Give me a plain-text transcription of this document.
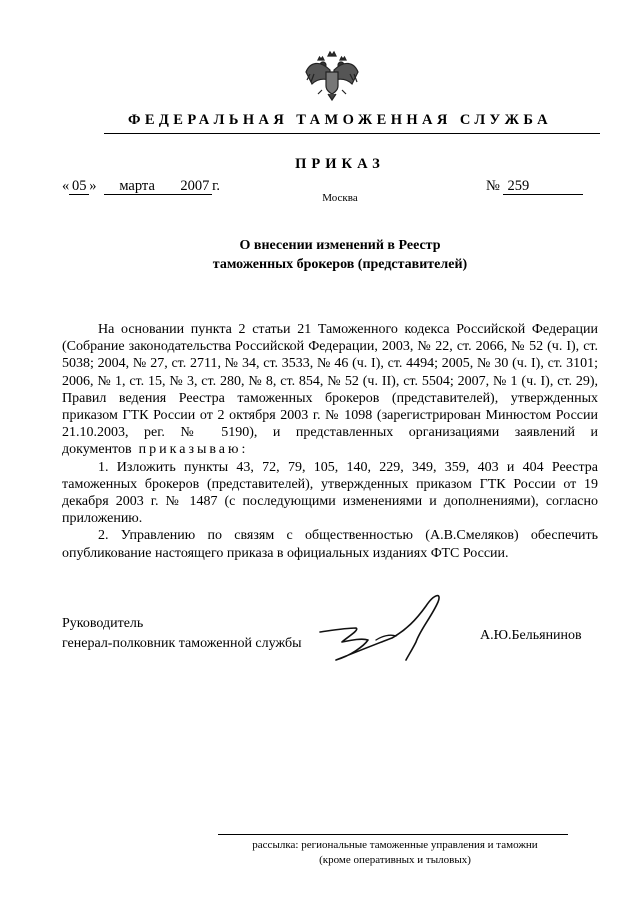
ФЕДЕРАЛЬНАЯ ТАМОЖЕННАЯ СЛУЖБА
ПРИКАЗ
« 05 » марта 2007 г.	№ 259
Москва
О внесении изменений в Реестр
таможенных брокеров (представителей)

На основании пункта 2 статьи 21 Таможенного кодекса Российской Федерации (Собрание законодательства Российской Федерации, 2003, № 22, ст. 2066, № 52 (ч. I), ст. 5038; 2004, № 27, ст. 2711, № 34, ст. 3533, № 46 (ч. I), ст. 4494; 2005, № 30 (ч. I), ст. 3101; 2006, № 1, ст. 15, № 3, ст. 280, № 8, ст. 854, № 52 (ч. II), ст. 5504; 2007, № 1 (ч. I), ст. 29), Правил ведения Реестра таможенных брокеров (представителей), утвержденных приказом ГТК России от 2 октября 2003 г. № 1098 (зарегистрирован Минюстом России 21.10.2003, рег. № 5190), и представленных организациями заявлений и документов приказываю:

1. Изложить пункты 43, 72, 79, 105, 140, 229, 349, 359, 403 и 404 Реестра таможенных брокеров (представителей), утвержденных приказом ГТК России от 19 декабря 2003 г. № 1487 (с последующими изменениями и дополнениями), согласно приложению.

2. Управлению по связям с общественностью (А.В.Смеляков) обеспечить опубликование настоящего приказа в официальных изданиях ФТС России.

Руководитель
генерал-полковник таможенной службы
А.Ю.Бельянинов
рассылка: региональные таможенные управления и таможни
(кроме оперативных и тыловых)
